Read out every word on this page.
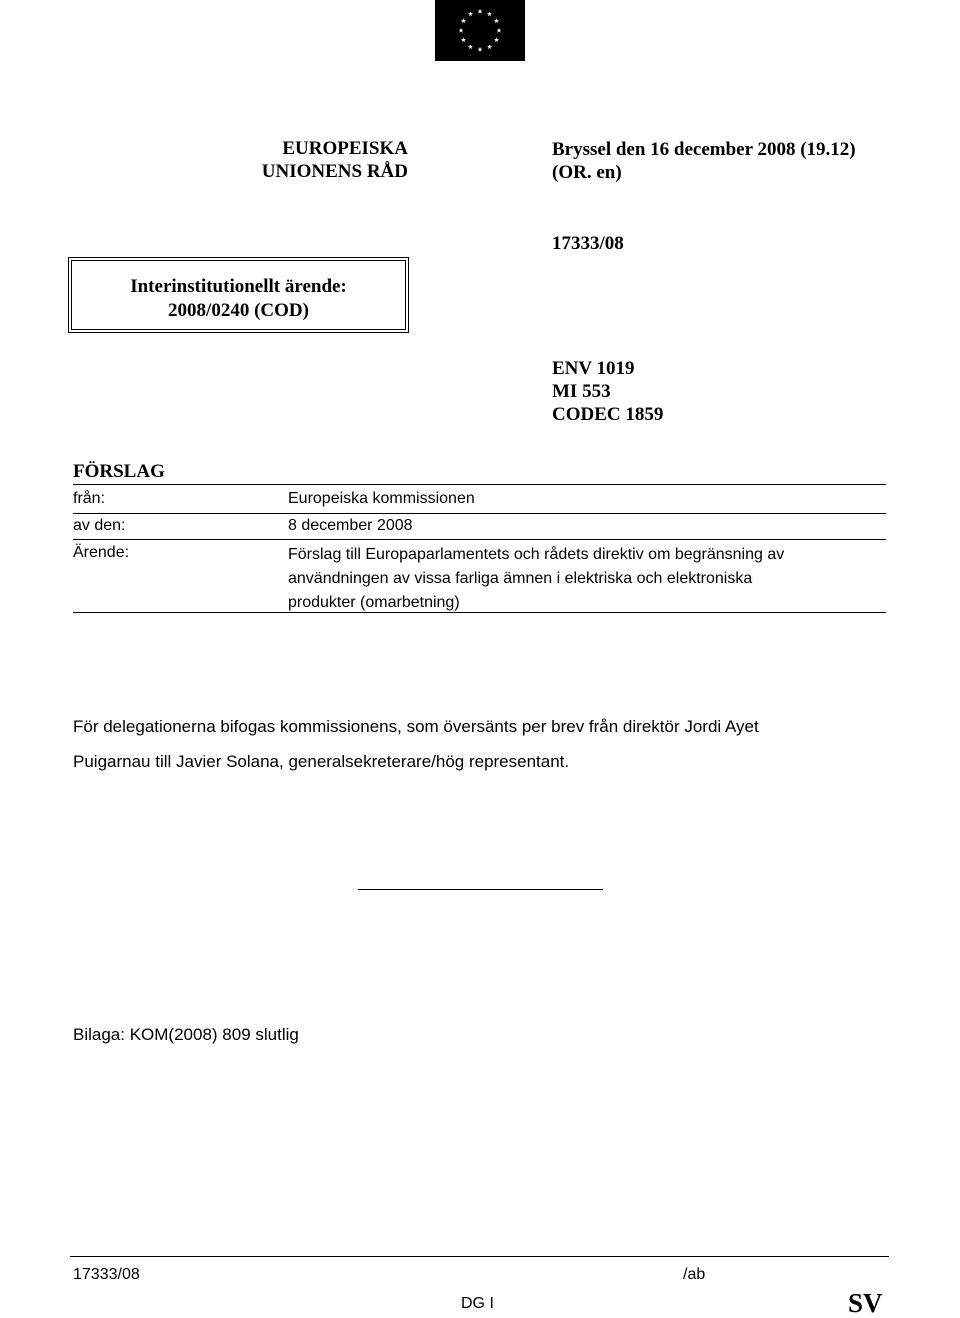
EUROPEISKA
UNIONENS RÅD
Bryssel den 16 december 2008 (19.12)
(OR. en)
17333/08
Interinstitutionellt ärende:
2008/0240 (COD)
ENV 1019
MI 553
CODEC 1859
FÖRSLAG
från:	Europeiska kommissionen
av den:	8 december 2008
Ärende:	Förslag till Europaparlamentets och rådets direktiv om begränsning av
användningen av vissa farliga ämnen i elektriska och elektroniska
produkter (omarbetning)
För delegationerna bifogas kommissionens, som översänts per brev från direktör Jordi Ayet
Puigarnau till Javier Solana, generalsekreterare/hög representant.
Bilaga: KOM(2008) 809 slutlig
17333/08	/ab
DG I	SV
